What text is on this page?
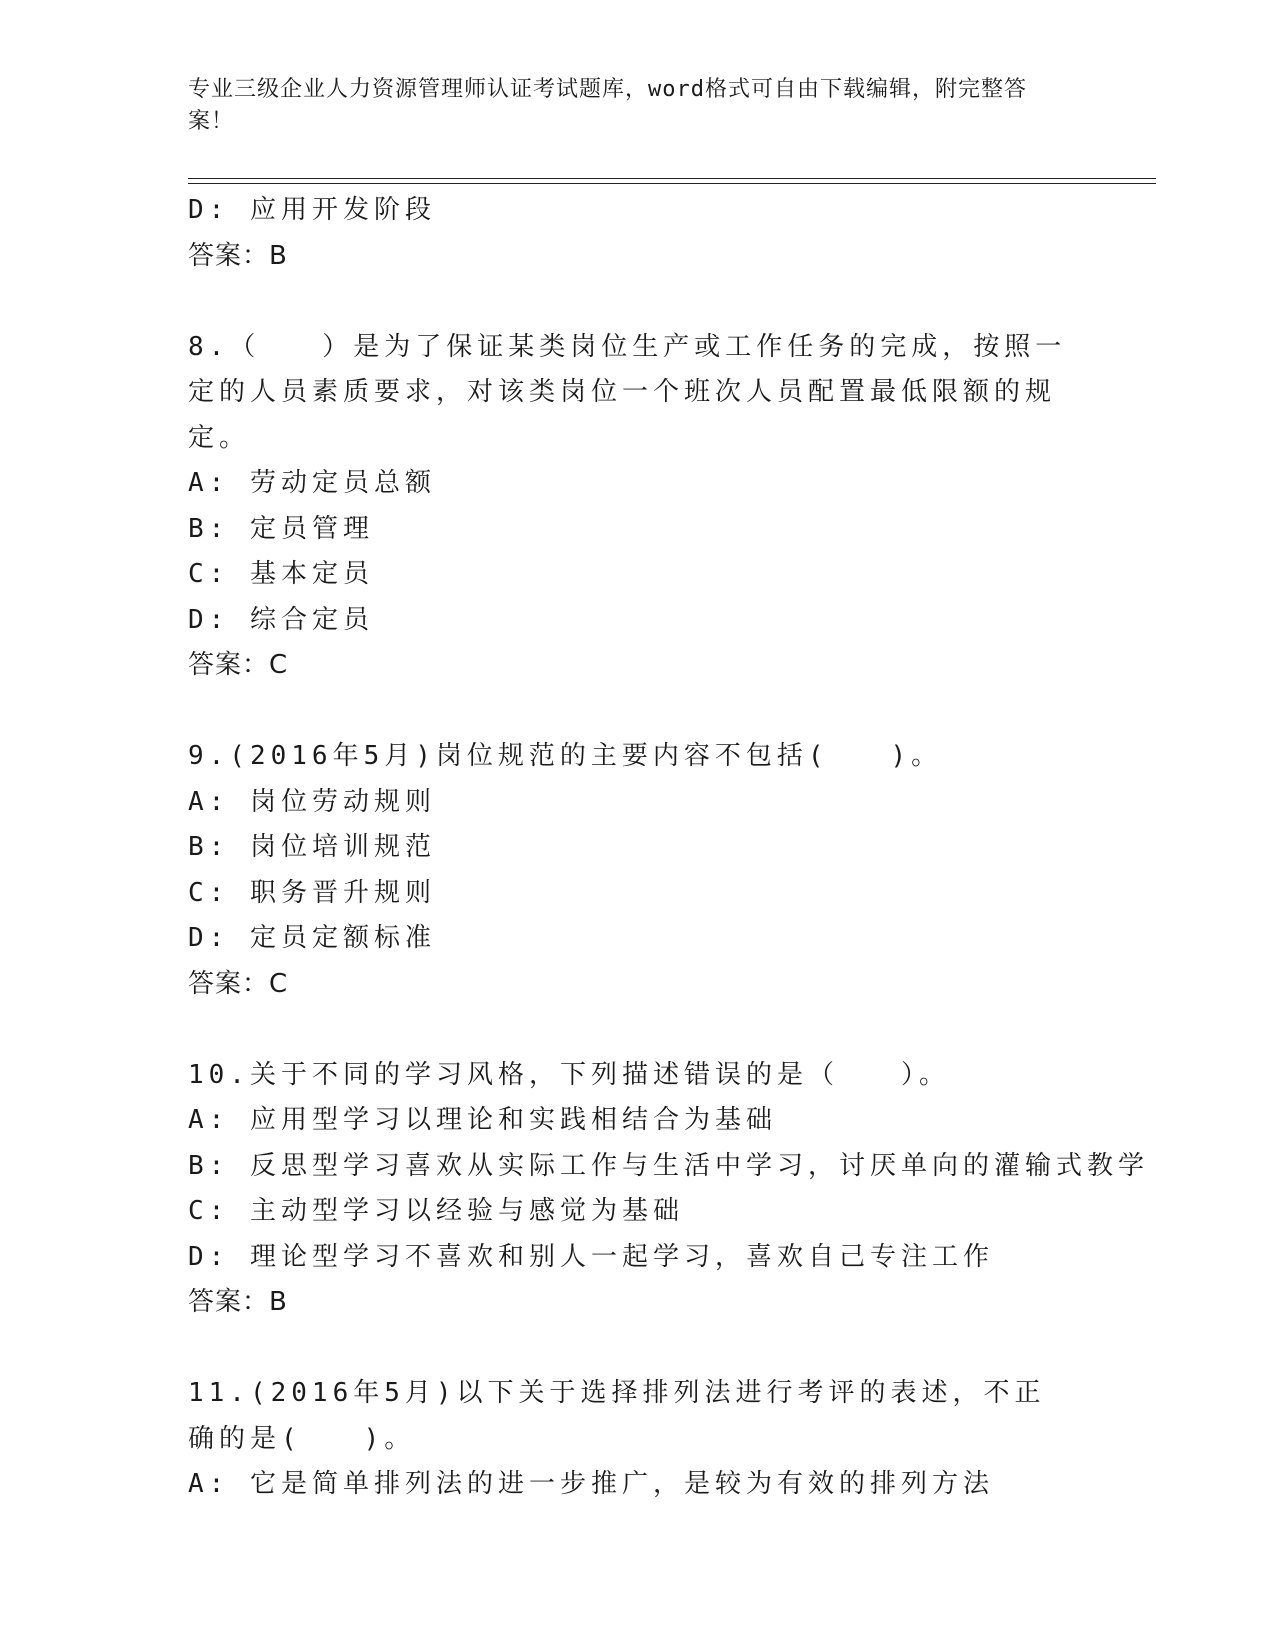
专业三级企业人力资源管理师认证考试题库，word格式可自由下载编辑，附完整答案！
D: 应用开发阶段
答案：B
8.（　　）是为了保证某类岗位生产或工作任务的完成，按照一定的人员素质要求，对该类岗位一个班次人员配置最低限额的规定。
A: 劳动定员总额
B: 定员管理
C: 基本定员
D: 综合定员
答案：C
9.(2016年5月)岗位规范的主要内容不包括(　　)。
A: 岗位劳动规则
B: 岗位培训规范
C: 职务晋升规则
D: 定员定额标准
答案：C
10.关于不同的学习风格，下列描述错误的是（　　）。
A: 应用型学习以理论和实践相结合为基础
B: 反思型学习喜欢从实际工作与生活中学习，讨厌单向的灌输式教学
C: 主动型学习以经验与感觉为基础
D: 理论型学习不喜欢和别人一起学习，喜欢自己专注工作
答案：B
11.(2016年5月)以下关于选择排列法进行考评的表述，不正确的是(　　)。
A: 它是简单排列法的进一步推广，是较为有效的排列方法
